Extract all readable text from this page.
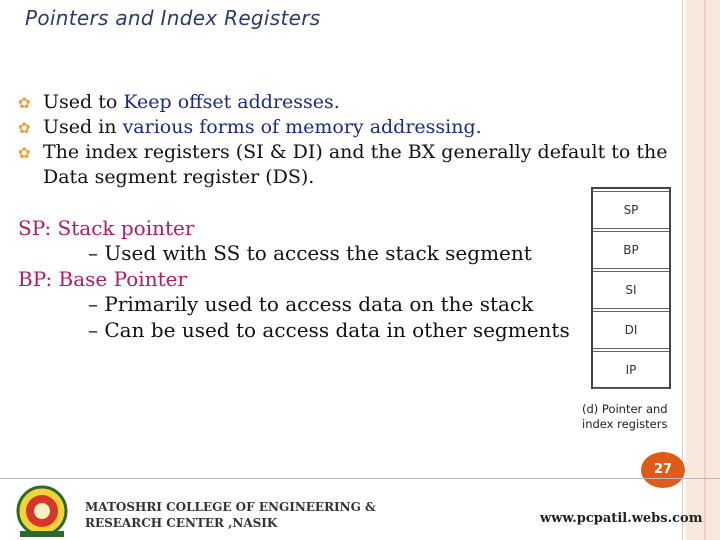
Pointers and Index Registers
✿ Used to Keep offset addresses.
✿ Used in various forms of memory addressing.
✿ The index registers (SI & DI) and the BX generally default to the Data segment register (DS).
SP: Stack pointer
– Used with SS to access the stack segment
BP: Base Pointer
– Primarily used to access data on the stack
– Can be used to access data in other segments
SP
BP
SI
DI
IP
(d) Pointer and
index registers
27
MATOSHRI COLLEGE OF ENGINEERING &
RESEARCH CENTER ,NASIK	www.pcpatil.webs.com
